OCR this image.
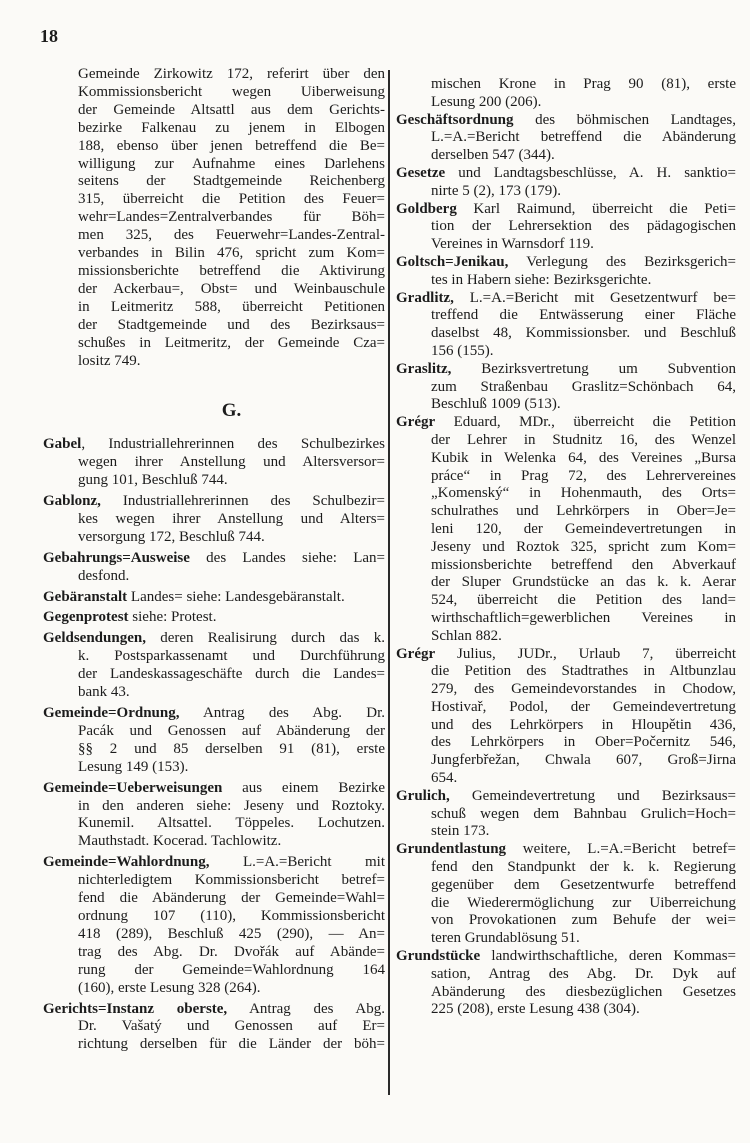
18
Gemeinde Zirkowitz 172, referirt über den
Kommissionsbericht wegen Uiberweisung
der Gemeinde Altsattl aus dem Gerichts-
bezirke Falkenau zu jenem in Elbogen
188, ebenso über jenen betreffend die Be=
willigung zur Aufnahme eines Darlehens
seitens der Stadtgemeinde Reichenberg
315, überreicht die Petition des Feuer=
wehr=Landes=Zentralverbandes für Böh=
men 325, des Feuerwehr=Landes-Zentral-
verbandes in Bilin 476, spricht zum Kom=
missionsberichte betreffend die Aktivirung
der Ackerbau=, Obst= und Weinbauschule
in Leitmeritz 588, überreicht Petitionen
der Stadtgemeinde und des Bezirksaus=
schußes in Leitmeritz, der Gemeinde Cza=
lositz 749.
G.
Gabel, Industriallehrerinnen des Schulbezirkes
wegen ihrer Anstellung und Altersversor=
gung 101, Beschluß 744.
Gablonz, Industriallehrerinnen des Schulbezir=
kes wegen ihrer Anstellung und Alters=
versorgung 172, Beschluß 744.
Gebahrungs=Ausweise des Landes siehe: Lan=
desfond.
Gebäranstalt Landes= siehe: Landesgebäranstalt.
Gegenprotest siehe: Protest.
Geldsendungen, deren Realisirung durch das k.
k. Postsparkassenamt und Durchführung
der Landeskassageschäfte durch die Landes=
bank 43.
Gemeinde=Ordnung, Antrag des Abg. Dr.
Pacák und Genossen auf Abänderung der
§§ 2 und 85 derselben 91 (81), erste
Lesung 149 (153).
Gemeinde=Ueberweisungen aus einem Bezirke
in den anderen siehe: Jeseny und Roztoky.
Kunemil. Altsattel. Töppeles. Lochutzen.
Mauthstadt. Kocerad. Tachlowitz.
Gemeinde=Wahlordnung, L.=A.=Bericht mit
nichterledigtem Kommissionsbericht betref=
fend die Abänderung der Gemeinde=Wahl=
ordnung 107 (110), Kommissionsbericht
418 (289), Beschluß 425 (290), — An=
trag des Abg. Dr. Dvořák auf Abände=
rung der Gemeinde=Wahlordnung 164
(160), erste Lesung 328 (264).
Gerichts=Instanz oberste, Antrag des Abg.
Dr. Vašatý und Genossen auf Er=
richtung derselben für die Länder der böh=
mischen Krone in Prag 90 (81), erste
Lesung 200 (206).
Geschäftsordnung des böhmischen Landtages,
L.=A.=Bericht betreffend die Abänderung
derselben 547 (344).
Gesetze und Landtagsbeschlüsse, A. H. sanktio=
nirte 5 (2), 173 (179).
Goldberg Karl Raimund, überreicht die Peti=
tion der Lehrersektion des pädagogischen
Vereines in Warnsdorf 119.
Goltsch=Jenikau, Verlegung des Bezirksgerich=
tes in Habern siehe: Bezirksgerichte.
Gradlitz, L.=A.=Bericht mit Gesetzentwurf be=
treffend die Entwässerung einer Fläche
daselbst 48, Kommissionsber. und Beschluß
156 (155).
Graslitz, Bezirksvertretung um Subvention
zum Straßenbau Graslitz=Schönbach 64,
Beschluß 1009 (513).
Grégr Eduard, MDr., überreicht die Petition
der Lehrer in Studnitz 16, des Wenzel
Kubik in Welenka 64, des Vereines „Bursa
práce“ in Prag 72, des Lehrervereines
„Komenský“ in Hohenmauth, des Orts=
schulrathes und Lehrkörpers in Ober=Je=
leni 120, der Gemeindevertretungen in
Jeseny und Roztok 325, spricht zum Kom=
missionsberichte betreffend den Abverkauf
der Sluper Grundstücke an das k. k. Aerar
524, überreicht die Petition des land=
wirthschaftlich=gewerblichen Vereines in
Schlan 882.
Grégr Julius, JUDr., Urlaub 7, überreicht
die Petition des Stadtrathes in Altbunzlau
279, des Gemeindevorstandes in Chodow,
Hostivař, Podol, der Gemeindevertretung
und des Lehrkörpers in Hloupětin 436,
des Lehrkörpers in Ober=Počernitz 546,
Jungferbřežan, Chwala 607, Groß=Jirna
654.
Grulich, Gemeindevertretung und Bezirksaus=
schuß wegen dem Bahnbau Grulich=Hoch=
stein 173.
Grundentlastung weitere, L.=A.=Bericht betref=
fend den Standpunkt der k. k. Regierung
gegenüber dem Gesetzentwurfe betreffend
die Wiederermöglichung zur Uiberreichung
von Provokationen zum Behufe der wei=
teren Grundablösung 51.
Grundstücke landwirthschaftliche, deren Kommas=
sation, Antrag des Abg. Dr. Dyk auf
Abänderung des diesbezüglichen Gesetzes
225 (208), erste Lesung 438 (304).
